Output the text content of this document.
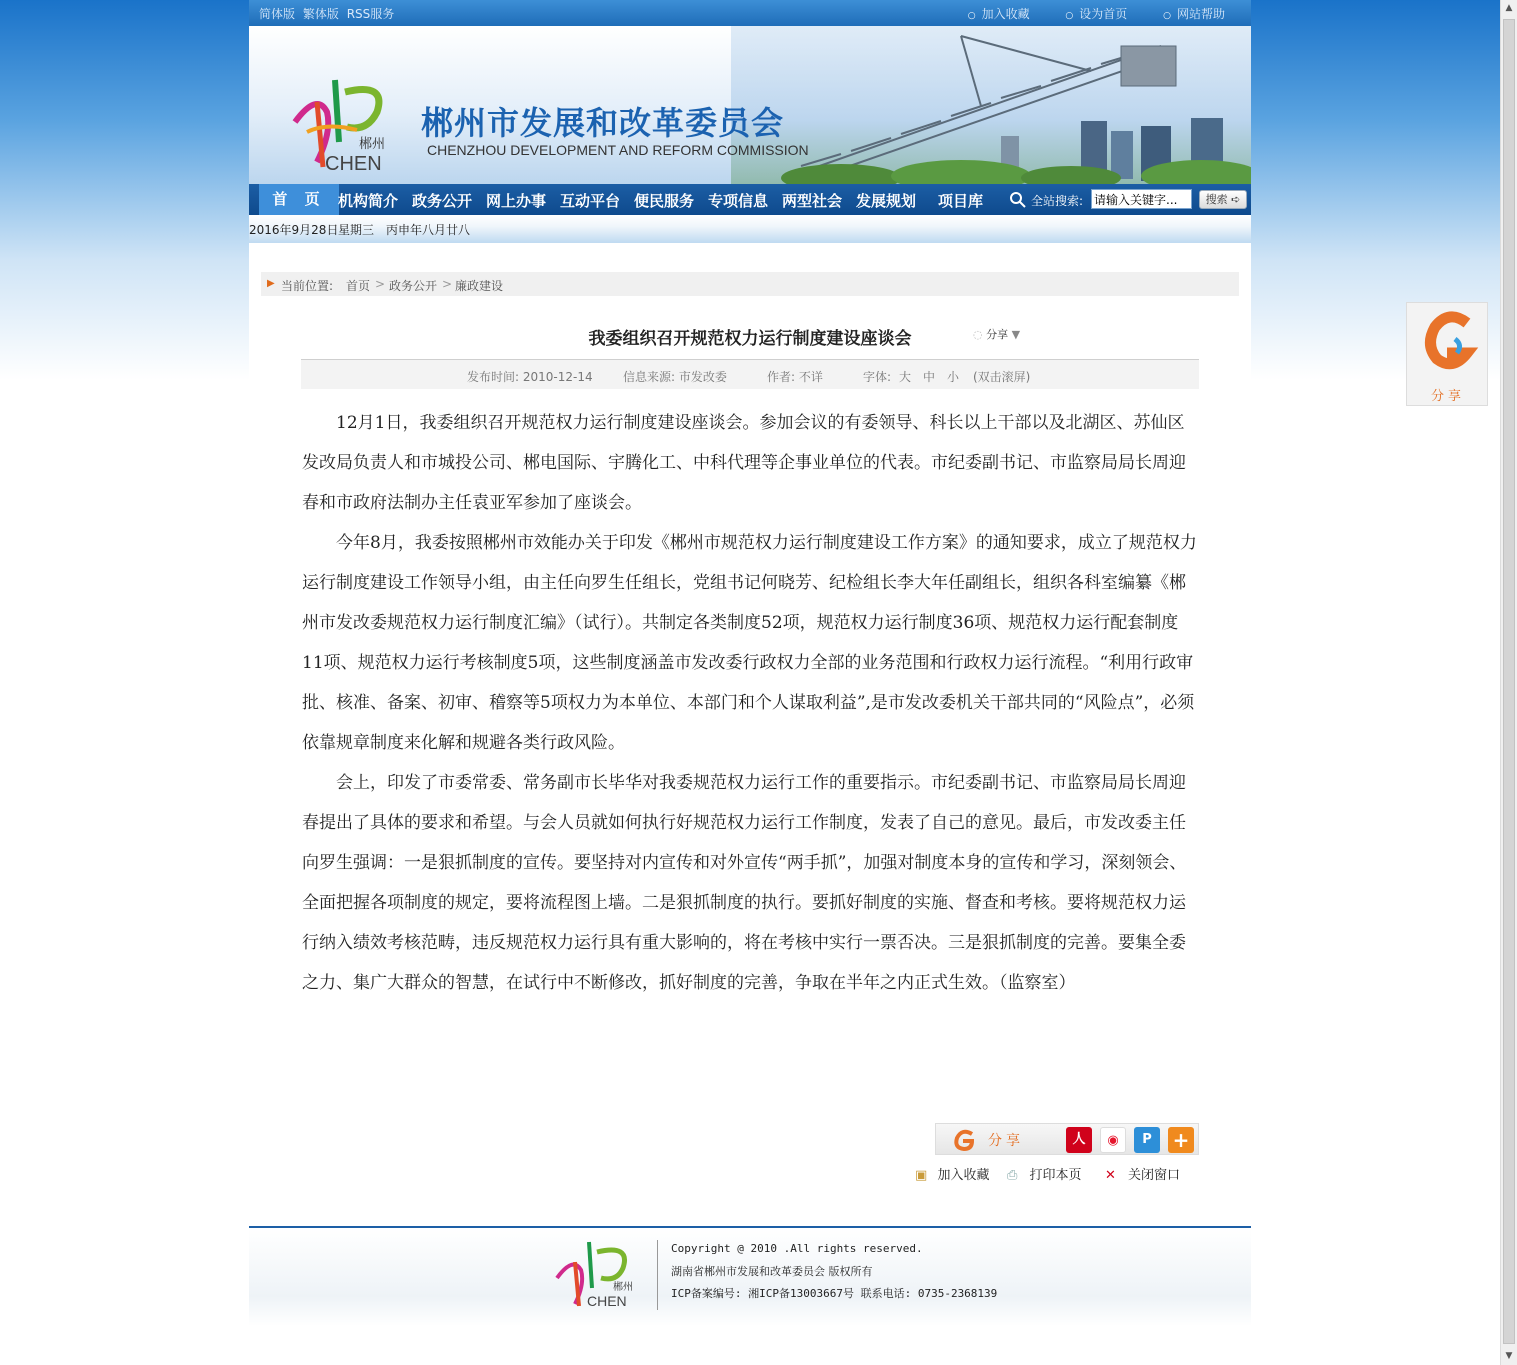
▲
▼
简体版 繁体版 RSS服务	○ 加入收藏	○ 设为首页	○ 网站帮助
郴州
CHEN
郴州市发展和改革委员会
CHENZHOU DEVELOPMENT AND REFORM COMMISSION
首 页 机构简介 政务公开 网上办事 互动平台 便民服务 专项信息 两型社会 发展规划 项目库	全站搜索:
请输入关键字...	搜索 ➪
2016年9月28日 星期三 丙申年八月廿八
▶ 当前位置: 首页 > 政务公开 > 廉政建设
我委组织召开规范权力运行制度建设座谈会	◌ 分享 ▼
发布时间: 2010-12-14	信息来源: 市发改委	作者: 不详	字体: 大 中 小 (双击滚屏)

12月1日，我委组织召开规范权力运行制度建设座谈会。参加会议的有委领导、科长以上干部以及北湖区、苏仙区发改局负责人和市城投公司、郴电国际、宇腾化工、中科代理等企事业单位的代表。市纪委副书记、市监察局局长周迎春和市政府法制办主任袁亚军参加了座谈会。

今年8月，我委按照郴州市效能办关于印发《郴州市规范权力运行制度建设工作方案》的通知要求，成立了规范权力运行制度建设工作领导小组，由主任向罗生任组长，党组书记何晓芳、纪检组长李大年任副组长，组织各科室编纂《郴州市发改委规范权力运行制度汇编》（试行）。共制定各类制度52项，规范权力运行制度36项、规范权力运行配套制度11项、规范权力运行考核制度5项，这些制度涵盖市发改委行政权力全部的业务范围和行政权力运行流程。“利用行政审批、核准、备案、初审、稽察等5项权力为本单位、本部门和个人谋取利益”,是市发改委机关干部共同的“风险点”，必须依靠规章制度来化解和规避各类行政风险。

会上，印发了市委常委、常务副市长毕华对我委规范权力运行工作的重要指示。市纪委副书记、市监察局局长周迎春提出了具体的要求和希望。与会人员就如何执行好规范权力运行工作制度，发表了自己的意见。最后，市发改委主任向罗生强调：一是狠抓制度的宣传。要坚持对内宣传和对外宣传“两手抓”，加强对制度本身的宣传和学习，深刻领会、全面把握各项制度的规定，要将流程图上墙。二是狠抓制度的执行。要抓好制度的实施、督查和考核。要将规范权力运行纳入绩效考核范畴，违反规范权力运行具有重大影响的，将在考核中实行一票否决。三是狠抓制度的完善。要集全委之力、集广大群众的智慧，在试行中不断修改，抓好制度的完善，争取在半年之内正式生效。（监察室）

分享	人	◉	P	+
▣ 加入收藏 ⎙ 打印本页 ✕ 关闭窗口
郴州
CHEN
Copyright @ 2010 .All rights reserved.
湖南省郴州市发展和改革委员会 版权所有
ICP备案编号: 湘ICP备13003667号 联系电话: 0735-2368139
分享
